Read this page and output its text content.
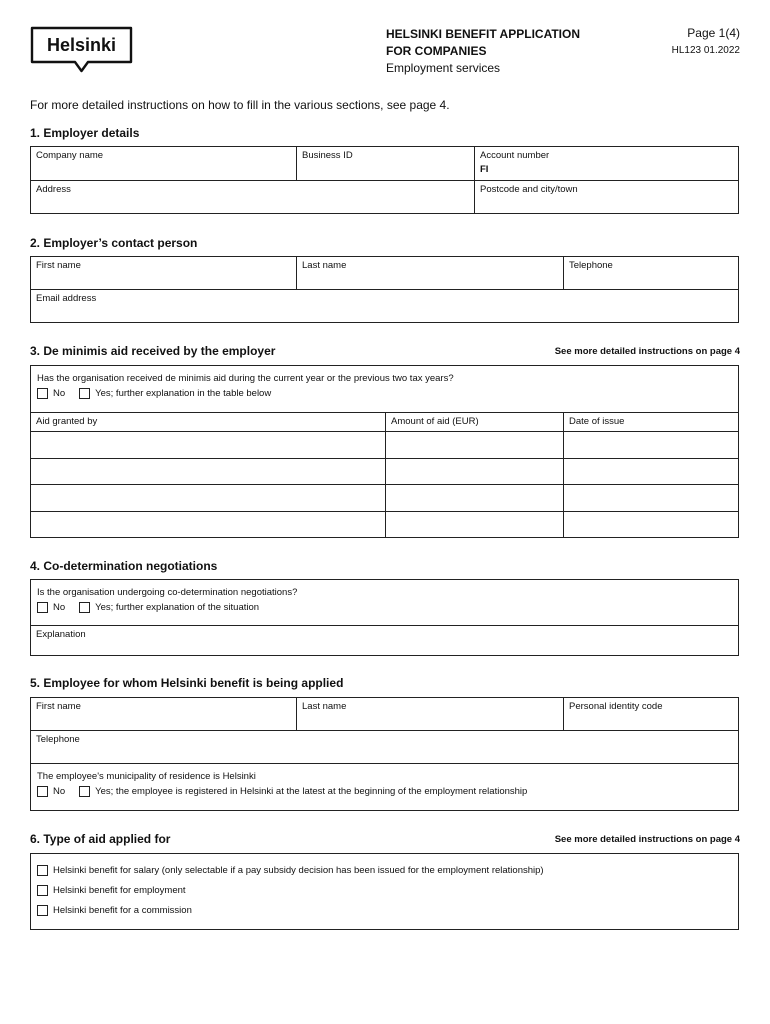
Helsinki
HELSINKI BENEFIT APPLICATION
FOR COMPANIES
Employment services
Page 1(4)
HL123 01.2022
For more detailed instructions on how to fill in the various sections, see page 4.
1. Employer details
Company name	Business ID	Account number
FI
Address	Postcode and city/town
2. Employer’s contact person
First name	Last name	Telephone
Email address
3. De minimis aid received by the employer	See more detailed instructions on page 4
Has the organisation received de minimis aid during the current year or the previous two tax years?
No	Yes; further explanation in the table below
Aid granted by	Amount of aid (EUR)	Date of issue
4. Co-determination negotiations
Is the organisation undergoing co-determination negotiations?
No	Yes; further explanation of the situation
Explanation
5. Employee for whom Helsinki benefit is being applied
First name	Last name	Personal identity code
Telephone
The employee's municipality of residence is Helsinki
No	Yes; the employee is registered in Helsinki at the latest at the beginning of the employment relationship
6. Type of aid applied for	See more detailed instructions on page 4
Helsinki benefit for salary (only selectable if a pay subsidy decision has been issued for the employment relationship)
Helsinki benefit for employment
Helsinki benefit for a commission
